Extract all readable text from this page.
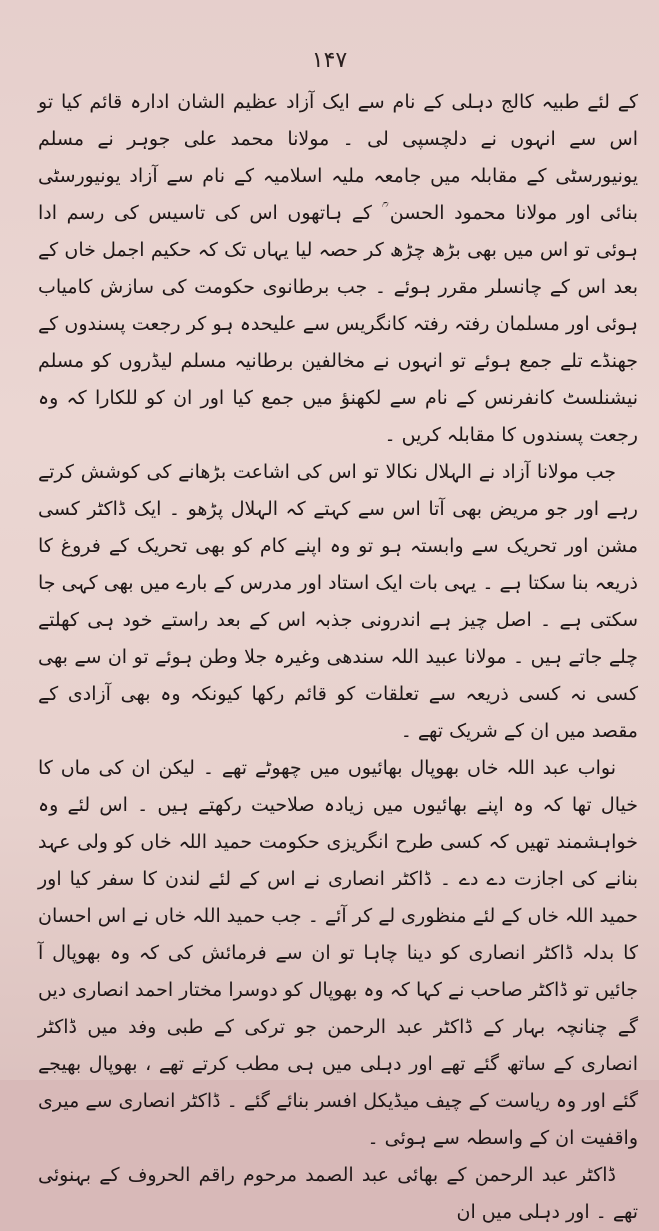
۱۴۷

کے لئے طبیہ کالج دہلی کے نام سے ایک آزاد عظیم الشان ادارہ قائم کیا تو اس سے انہوں نے دلچسپی لی ۔ مولانا محمد علی جوہر نے مسلم یونیورسٹی کے مقابلہ میں جامعہ ملیہ اسلامیہ کے نام سے آزاد یونیورسٹی بنائی اور مولانا محمود الحسن ؒ کے ہاتھوں اس کی تاسیس کی رسم ادا ہوئی تو اس میں بھی بڑھ چڑھ کر حصہ لیا یہاں تک کہ حکیم اجمل خاں کے بعد اس کے چانسلر مقرر ہوئے ۔ جب برطانوی حکومت کی سازش کامیاب ہوئی اور مسلمان رفتہ رفتہ کانگریس سے علیحدہ ہو کر رجعت پسندوں کے جھنڈے تلے جمع ہوئے تو انہوں نے مخالفین برطانیہ مسلم لیڈروں کو مسلم نیشنلسٹ کانفرنس کے نام سے لکھنؤ میں جمع کیا اور ان کو للکارا کہ وہ رجعت پسندوں کا مقابلہ کریں ۔

جب مولانا آزاد نے الہلال نکالا تو اس کی اشاعت بڑھانے کی کوشش کرتے رہے اور جو مریض بھی آتا اس سے کہتے کہ الہلال پڑھو ۔ ایک ڈاکٹر کسی مشن اور تحریک سے وابستہ ہو تو وہ اپنے کام کو بھی تحریک کے فروغ کا ذریعہ بنا سکتا ہے ۔ یہی بات ایک استاد اور مدرس کے بارے میں بھی کہی جا سکتی ہے ۔ اصل چیز ہے اندرونی جذبہ اس کے بعد راستے خود ہی کھلتے چلے جاتے ہیں ۔ مولانا عبید اللہ سندھی وغیرہ جلا وطن ہوئے تو ان سے بھی کسی نہ کسی ذریعہ سے تعلقات کو قائم رکھا کیونکہ وہ بھی آزادی کے مقصد میں ان کے شریک تھے ۔

نواب عبد اللہ خاں بھوپال بھائیوں میں چھوٹے تھے ۔ لیکن ان کی ماں کا خیال تھا کہ وہ اپنے بھائیوں میں زیادہ صلاحیت رکھتے ہیں ۔ اس لئے وہ خواہشمند تھیں کہ کسی طرح انگریزی حکومت حمید اللہ خاں کو ولی عہد بنانے کی اجازت دے دے ۔ ڈاکٹر انصاری نے اس کے لئے لندن کا سفر کیا اور حمید اللہ خاں کے لئے منظوری لے کر آئے ۔ جب حمید اللہ خاں نے اس احسان کا بدلہ ڈاکٹر انصاری کو دینا چاہا تو ان سے فرمائش کی کہ وہ بھوپال آ جائیں تو ڈاکٹر صاحب نے کہا کہ وہ بھوپال کو دوسرا مختار احمد انصاری دیں گے چنانچہ بہار کے ڈاکٹر عبد الرحمن جو ترکی کے طبی وفد میں ڈاکٹر انصاری کے ساتھ گئے تھے اور دہلی میں ہی مطب کرتے تھے ، بھوپال بھیجے گئے اور وہ ریاست کے چیف میڈیکل افسر بنائے گئے ۔ ڈاکٹر انصاری سے میری واقفیت ان کے واسطہ سے ہوئی ۔

ڈاکٹر عبد الرحمن کے بھائی عبد الصمد مرحوم راقم الحروف کے بہنوئی تھے ۔ اور دہلی میں ان
